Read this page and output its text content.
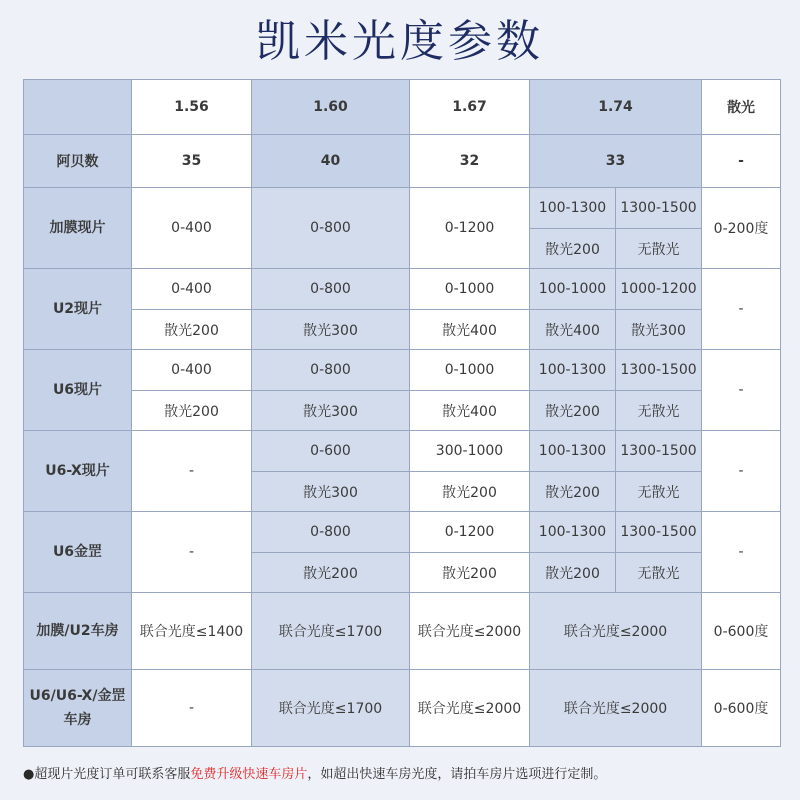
凯米光度参数
	1.56	1.60	1.67	1.74		散光
阿贝数	35	40	32	33		-
加膜现片	0-400	0-800	0-1200	100-1300	1300-1500	0-200度
				散光200	无散光	
U2现片	0-400	0-800	0-1000	100-1000	1000-1200	-
	散光200	散光300	散光400	散光400	散光300	
U6现片	0-400	0-800	0-1000	100-1300	1300-1500	-
	散光200	散光300	散光400	散光200	无散光	
U6-X现片	-	0-600	300-1000	100-1300	1300-1500	-
		散光300	散光200	散光200	无散光	
U6金罡	-	0-800	0-1200	100-1300	1300-1500	-
		散光200	散光200	散光200	无散光	
加膜/U2车房	联合光度≤1400	联合光度≤1700	联合光度≤2000	联合光度≤2000		0-600度
U6/U6-X/金罡车房	-	联合光度≤1700	联合光度≤2000	联合光度≤2000		0-600度
●超现片光度订单可联系客服免费升级快速车房片，如超出快速车房光度，请拍车房片选项进行定制。
